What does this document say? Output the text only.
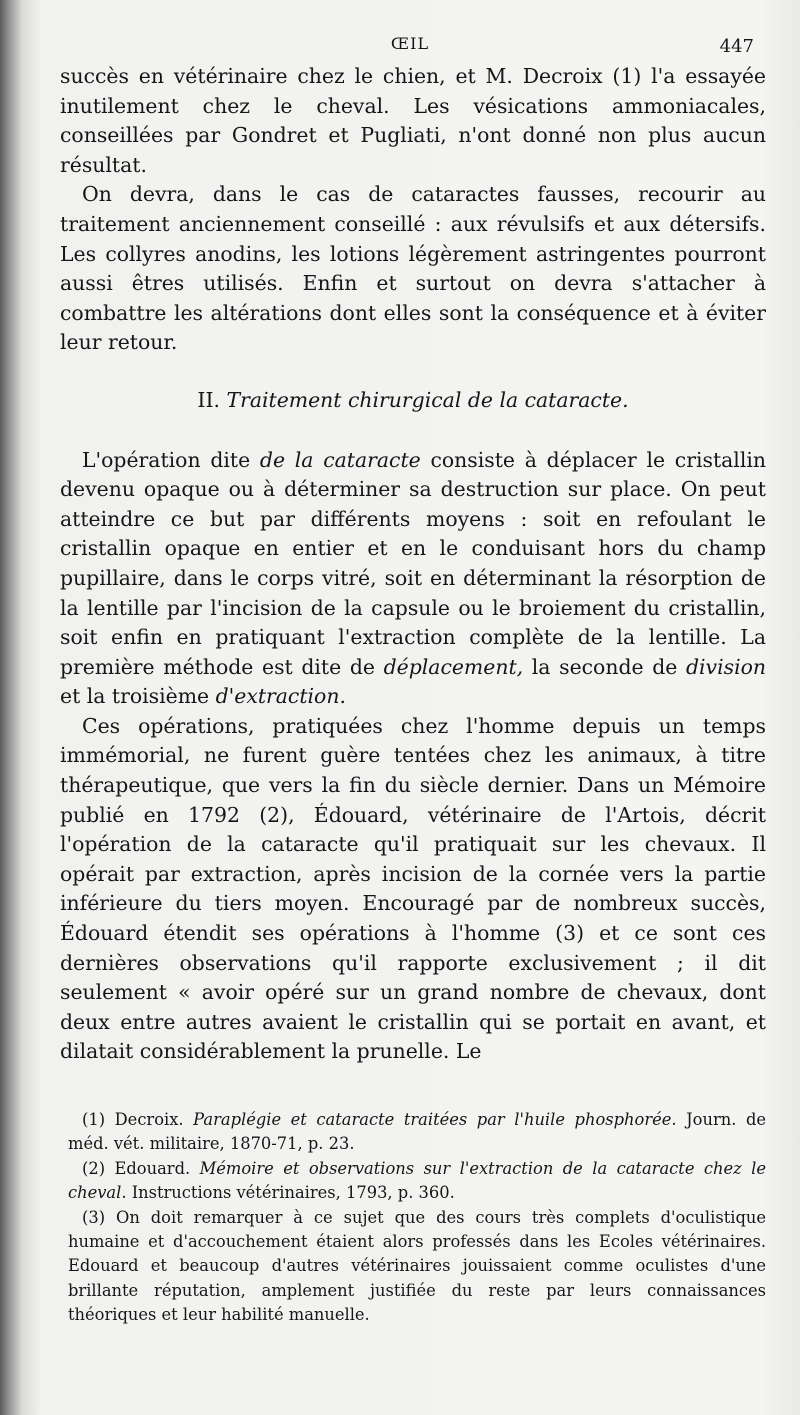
ŒIL	447

succès en vétérinaire chez le chien, et M. Decroix (1) l'a essayée inutilement chez le cheval. Les vésications ammoniacales, conseillées par Gondret et Pugliati, n'ont donné non plus aucun résultat.

On devra, dans le cas de cataractes fausses, recourir au traitement anciennement conseillé : aux révulsifs et aux détersifs. Les collyres anodins, les lotions légèrement astringentes pourront aussi êtres utilisés. Enfin et surtout on devra s'attacher à combattre les altérations dont elles sont la conséquence et à éviter leur retour.

II. Traitement chirurgical de la cataracte.

L'opération dite de la cataracte consiste à déplacer le cristallin devenu opaque ou à déterminer sa destruction sur place. On peut atteindre ce but par différents moyens : soit en refoulant le cristallin opaque en entier et en le conduisant hors du champ pupillaire, dans le corps vitré, soit en déterminant la résorption de la lentille par l'incision de la capsule ou le broiement du cristallin, soit enfin en pratiquant l'extraction complète de la lentille. La première méthode est dite de déplacement, la seconde de division et la troisième d'extraction.

Ces opérations, pratiquées chez l'homme depuis un temps immémorial, ne furent guère tentées chez les animaux, à titre thérapeutique, que vers la fin du siècle dernier. Dans un Mémoire publié en 1792 (2), Édouard, vétérinaire de l'Artois, décrit l'opération de la cataracte qu'il pratiquait sur les chevaux. Il opérait par extraction, après incision de la cornée vers la partie inférieure du tiers moyen. Encouragé par de nombreux succès, Édouard étendit ses opérations à l'homme (3) et ce sont ces dernières observations qu'il rapporte exclusivement ; il dit seulement « avoir opéré sur un grand nombre de chevaux, dont deux entre autres avaient le cristallin qui se portait en avant, et dilatait considérablement la prunelle. Le

(1) Decroix. Paraplégie et cataracte traitées par l'huile phosphorée. Journ. de méd. vét. militaire, 1870-71, p. 23.

(2) Edouard. Mémoire et observations sur l'extraction de la cataracte chez le cheval. Instructions vétérinaires, 1793, p. 360.

(3) On doit remarquer à ce sujet que des cours très complets d'oculistique humaine et d'accouchement étaient alors professés dans les Ecoles vétérinaires. Edouard et beaucoup d'autres vétérinaires jouissaient comme oculistes d'une brillante réputation, amplement justifiée du reste par leurs connaissances théoriques et leur habilité manuelle.
